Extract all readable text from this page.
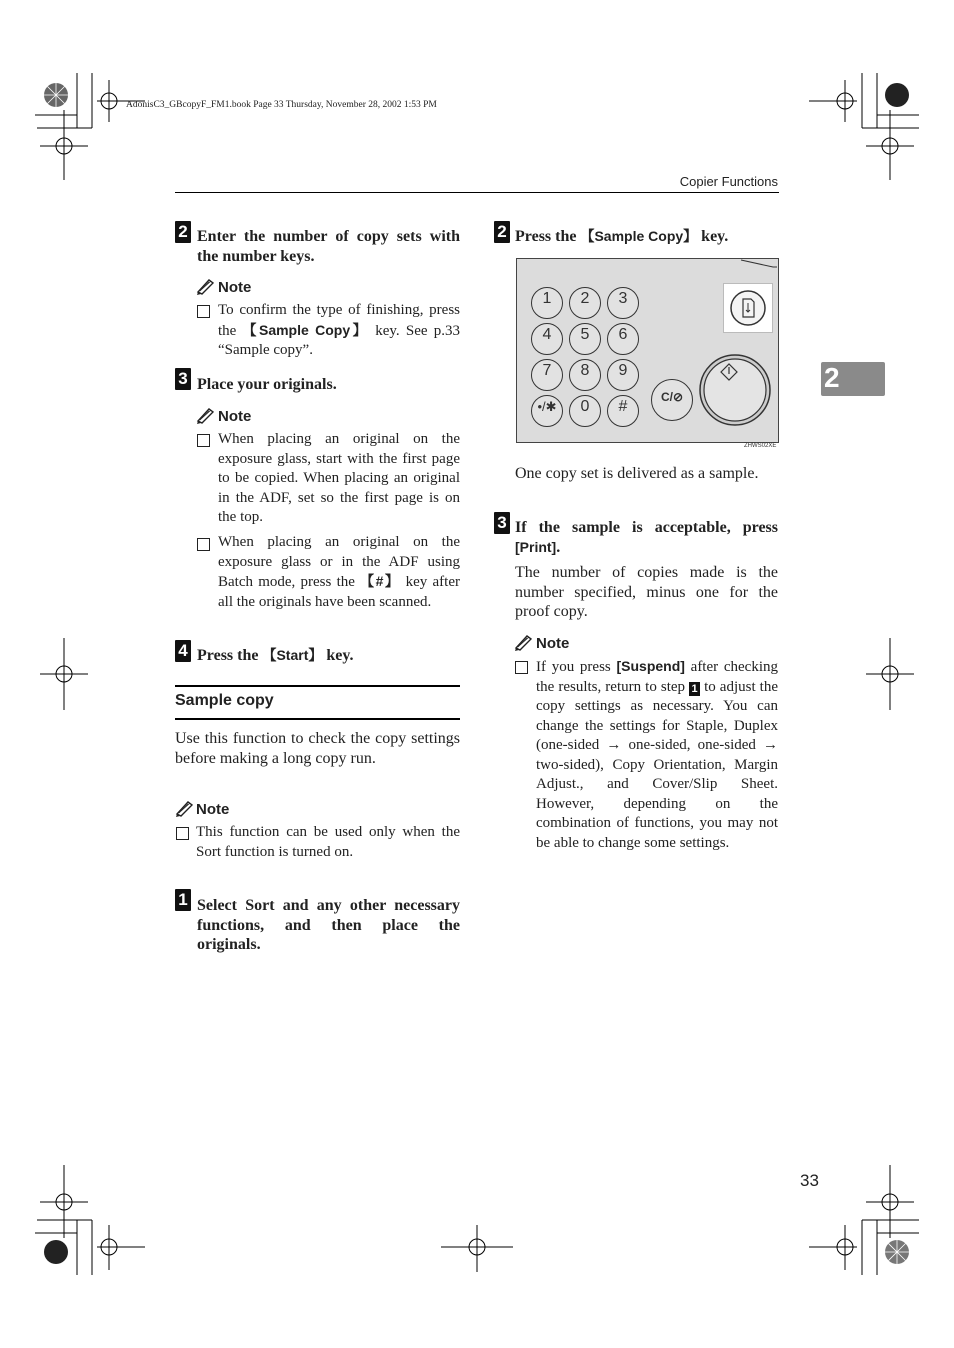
AdonisC3_GBcopyF_FM1.book Page 33 Thursday, November 28, 2002 1:53 PM
Copier Functions
2
2 Enter the number of copy sets with the number keys.
Note
To confirm the type of finishing, press the 【Sample Copy】 key. See p.33 “Sample copy”.
3 Place your originals.
Note
When placing an original on the exposure glass, start with the first page to be copied. When placing an original in the ADF, set so the first page is on the top.
When placing an original on the exposure glass or in the ADF using Batch mode, press the 【#】 key after all the originals have been scanned.
4 Press the 【Start】 key.
Sample copy
Use this function to check the copy settings before making a long copy run.
Note
This function can be used only when the Sort function is turned on.
1 Select Sort and any other necessary functions, and then place the originals.
2 Press the 【Sample Copy】 key.
1	2	3
4	5	6
7	8	9
•/✱	0	#
C/⊘
ZHWS02XE
One copy set is delivered as a sample.
3 If the sample is acceptable, press [Print].
The number of copies made is the number specified, minus one for the proof copy.
Note
If you press [Suspend] after checking the results, return to step 1 to adjust the copy settings as necessary. You can change the settings for Staple, Duplex (one-sided → one-sided, one-sided → two-sided), Copy Orientation, Margin Adjust., and Cover/Slip Sheet. However, depending on the combination of functions, you may not be able to change some settings.
33
